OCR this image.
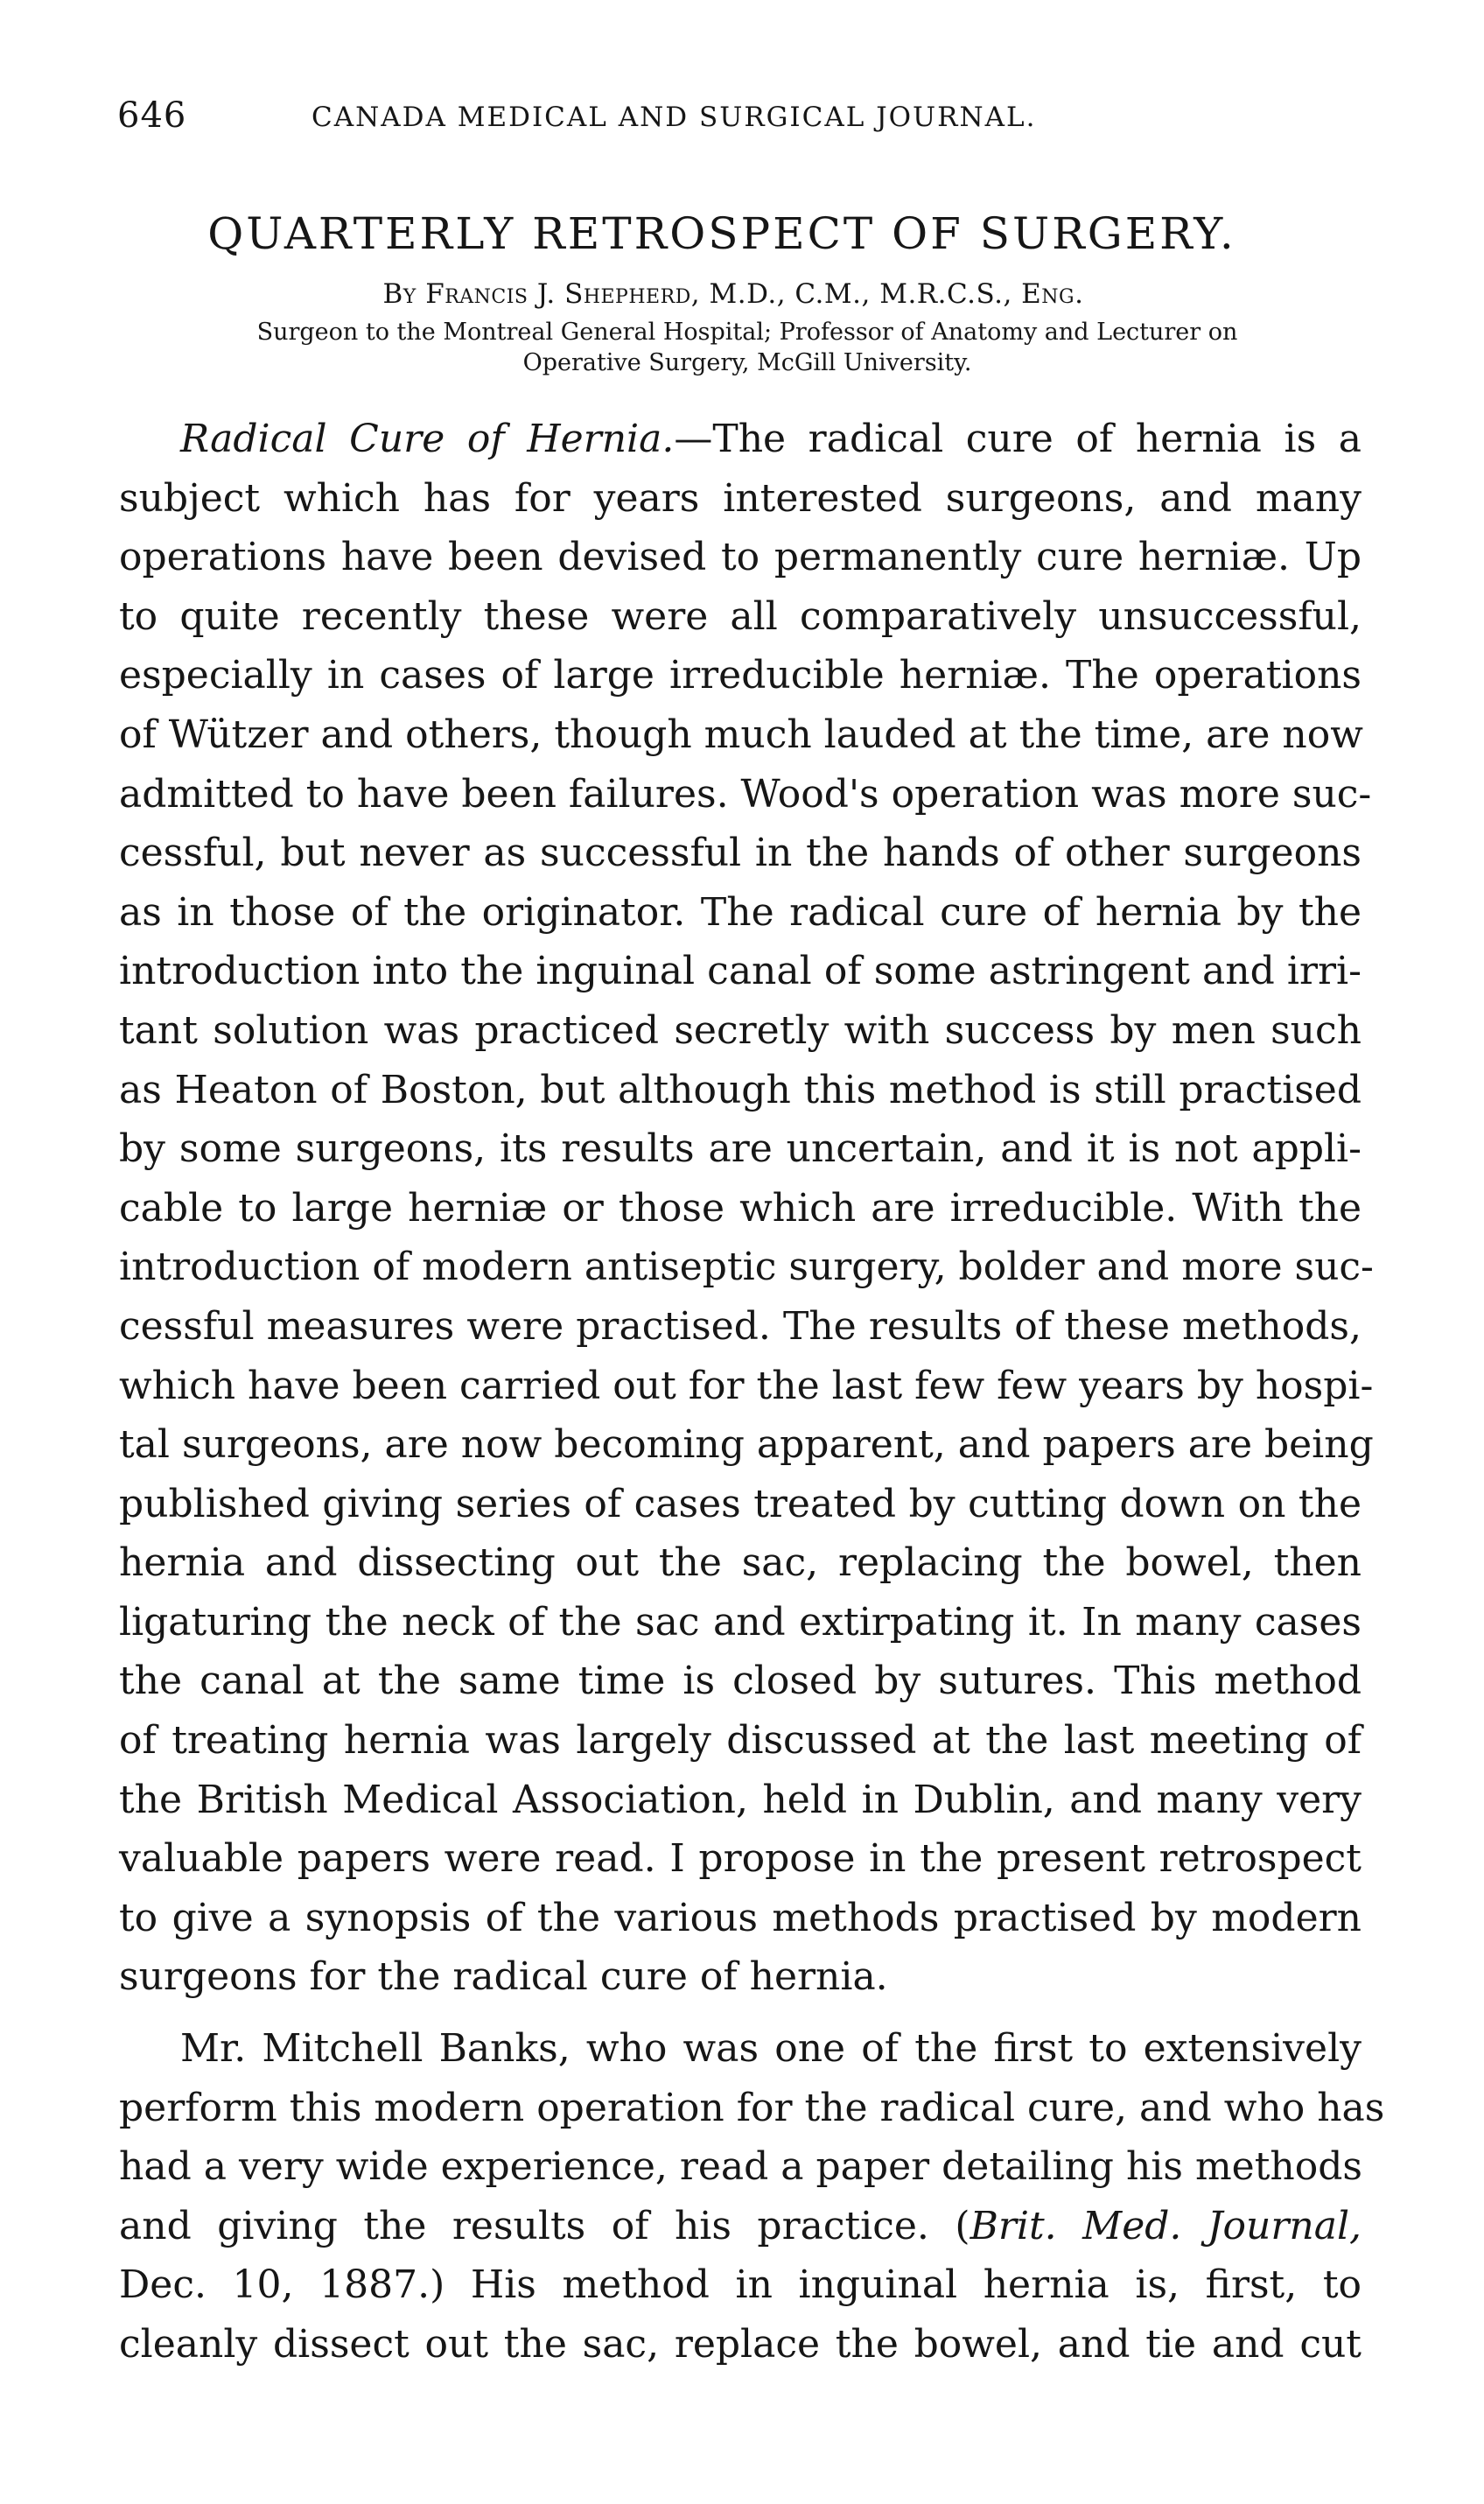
646	CANADA MEDICAL AND SURGICAL JOURNAL.
QUARTERLY RETROSPECT OF SURGERY.
By Francis J. Shepherd, M.D., C.M., M.R.C.S., Eng.
Surgeon to the Montreal General Hospital; Professor of Anatomy and Lecturer on
Operative Surgery, McGill University.
Radical Cure of Hernia.—The radical cure of hernia is a
subject which has for years interested surgeons, and many
operations have been devised to permanently cure herniæ. Up
to quite recently these were all comparatively unsuccessful,
especially in cases of large irreducible herniæ. The operations
of Wützer and others, though much lauded at the time, are now
admitted to have been failures. Wood's operation was more suc-
cessful, but never as successful in the hands of other surgeons
as in those of the originator. The radical cure of hernia by the
introduction into the inguinal canal of some astringent and irri-
tant solution was practiced secretly with success by men such
as Heaton of Boston, but although this method is still practised
by some surgeons, its results are uncertain, and it is not appli-
cable to large herniæ or those which are irreducible. With the
introduction of modern antiseptic surgery, bolder and more suc-
cessful measures were practised. The results of these methods,
which have been carried out for the last few few years by hospi-
tal surgeons, are now becoming apparent, and papers are being
published giving series of cases treated by cutting down on the
hernia and dissecting out the sac, replacing the bowel, then
ligaturing the neck of the sac and extirpating it. In many cases
the canal at the same time is closed by sutures. This method
of treating hernia was largely discussed at the last meeting of
the British Medical Association, held in Dublin, and many very
valuable papers were read. I propose in the present retrospect
to give a synopsis of the various methods practised by modern
surgeons for the radical cure of hernia.
Mr. Mitchell Banks, who was one of the first to extensively
perform this modern operation for the radical cure, and who has
had a very wide experience, read a paper detailing his methods
and giving the results of his practice. (Brit. Med. Journal,
Dec. 10, 1887.) His method in inguinal hernia is, first, to
cleanly dissect out the sac, replace the bowel, and tie and cut
